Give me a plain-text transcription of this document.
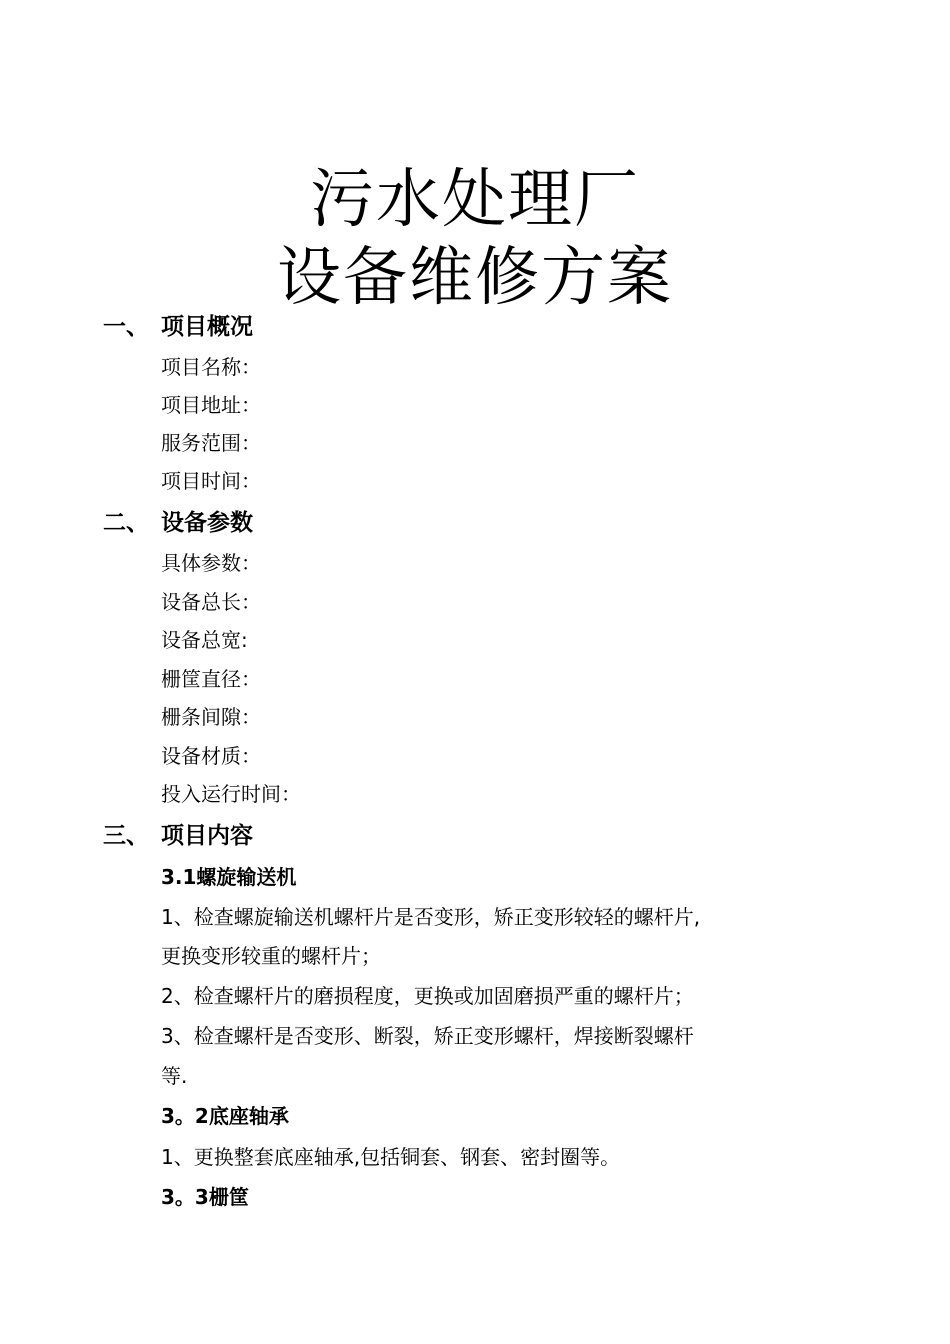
污水处理厂
设备维修方案
一、 项目概况
项目名称：
项目地址：
服务范围：
项目时间：
二、 设备参数
具体参数：
设备总长：
设备总宽:
栅筐直径：
栅条间隙：
设备材质：
投入运行时间：
三、 项目内容
3.1螺旋输送机
1、检查螺旋输送机螺杆片是否变形，矫正变形较轻的螺杆片,
更换变形较重的螺杆片；
2、检查螺杆片的磨损程度，更换或加固磨损严重的螺杆片；
3、检查螺杆是否变形、断裂，矫正变形螺杆，焊接断裂螺杆
等.
3。2底座轴承
1、更换整套底座轴承,包括铜套、钢套、密封圈等。
3。3栅筐
